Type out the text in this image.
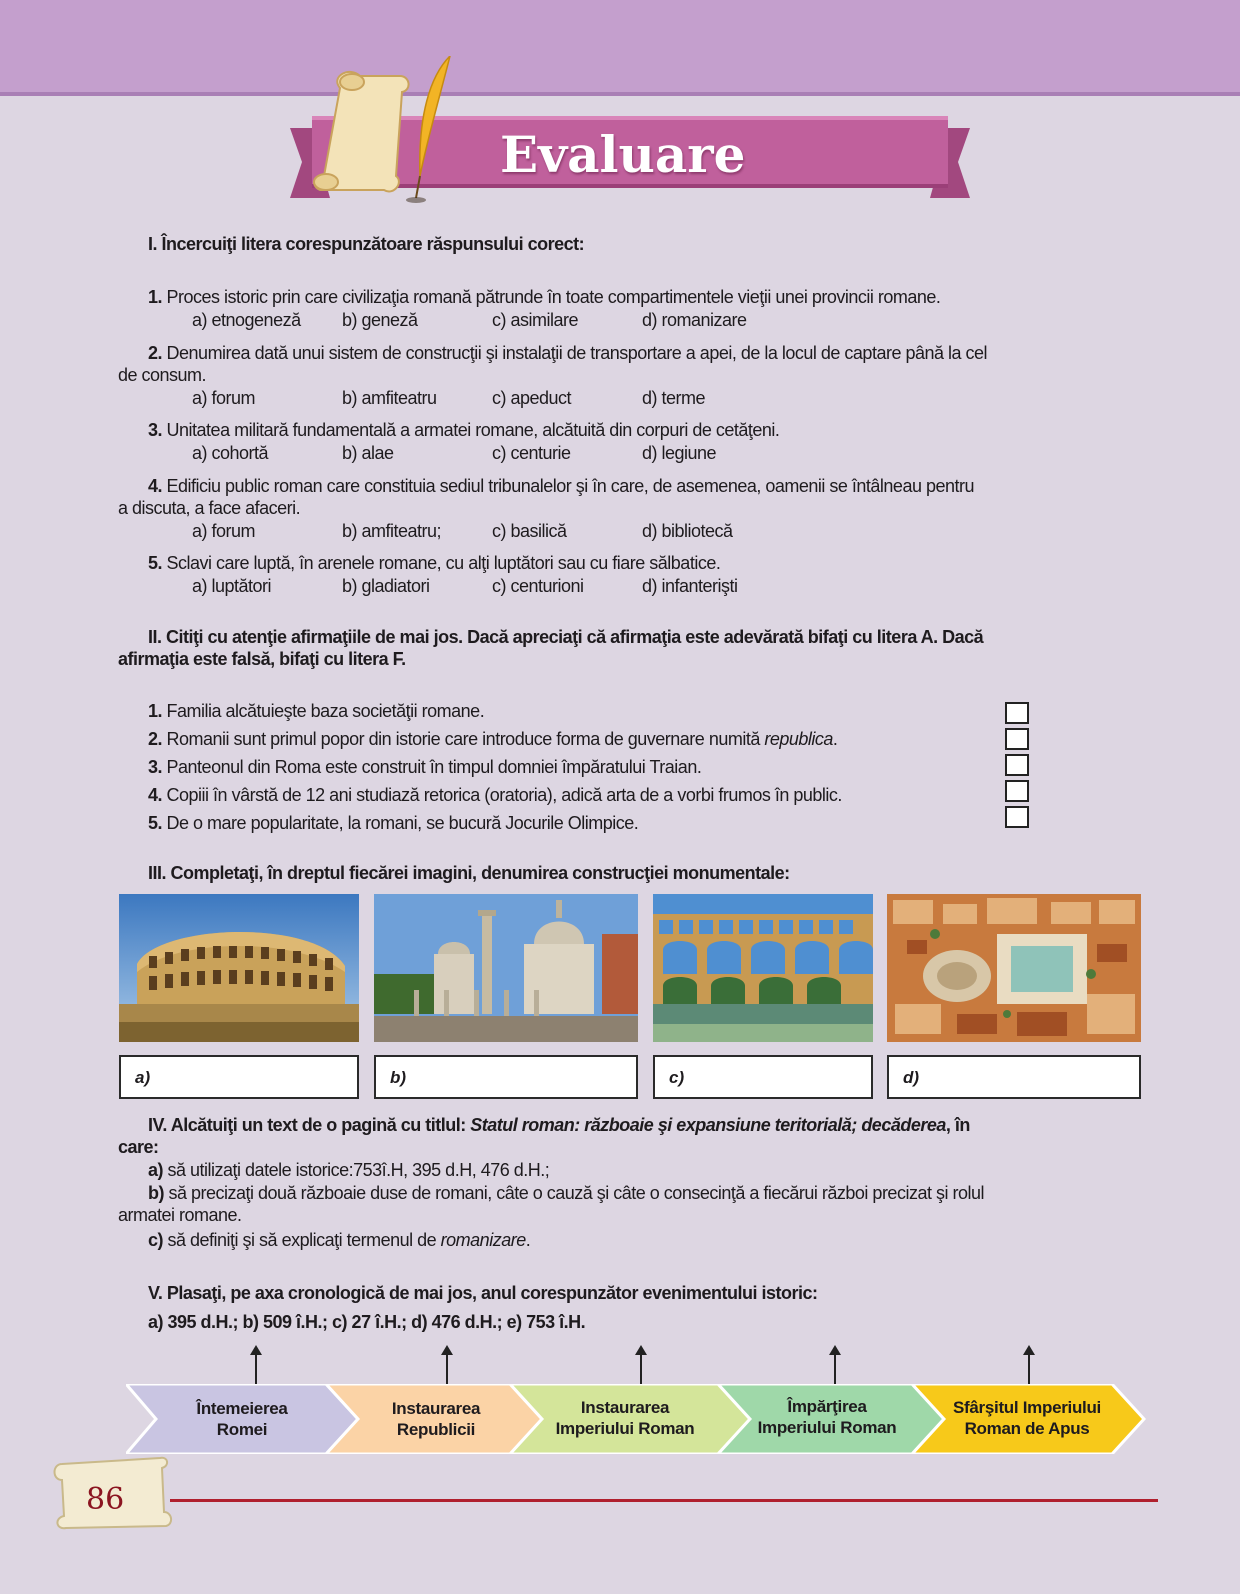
Evaluare
I. Încercuiţi litera corespunzătoare răspunsului corect:
1. Proces istoric prin care civilizaţia romană pătrunde în toate compartimentele vieţii unei provincii romane.
a) etnogeneză b) geneză	c) asimilare	d) romanizare
2. Denumirea dată unui sistem de construcţii şi instalaţii de transportare a apei, de la locul de captare până la cel
de consum.
a) forum	b) amfiteatru	c) apeduct	d) terme
3. Unitatea militară fundamentală a armatei romane, alcătuită din corpuri de cetăţeni.
a) cohortă	b) alae	c) centurie	d) legiune
4. Edificiu public roman care constituia sediul tribunalelor şi în care, de asemenea, oamenii se întâlneau pentru
a discuta, a face afaceri.
a) forum	b) amfiteatru;	c) basilică	d) bibliotecă
5. Sclavi care luptă, în arenele romane, cu alţi luptători sau cu fiare sălbatice.
a) luptători	b) gladiatori	c) centurioni	d) infanterişti
II. Citiţi cu atenţie afirmaţiile de mai jos. Dacă apreciaţi că afirmaţia este adevărată bifaţi cu litera A. Dacă
afirmaţia este falsă, bifaţi cu litera F.
1. Familia alcătuieşte baza societăţii romane.
2. Romanii sunt primul popor din istorie care introduce forma de guvernare numită republica.
3. Panteonul din Roma este construit în timpul domniei împăratului Traian.
4. Copiii în vârstă de 12 ani studiază retorica (oratoria), adică arta de a vorbi frumos în public.
5. De o mare popularitate, la romani, se bucură Jocurile Olimpice.
III. Completaţi, în dreptul fiecărei imagini, denumirea construcţiei monumentale:
a)	b)	c)	d)
IV. Alcătuiţi un text de o pagină cu titlul: Statul roman: războaie şi expansiune teritorială; decăderea, în
care:
a) să utilizaţi datele istorice:753î.H, 395 d.H, 476 d.H.;
b) să precizaţi două războaie duse de romani, câte o cauză şi câte o consecinţă a fiecărui război precizat şi rolul
armatei romane.
c) să definiţi şi să explicaţi termenul de romanizare.
V. Plasaţi, pe axa cronologică de mai jos, anul corespunzător evenimentului istoric:
a) 395 d.H.; b) 509 î.H.; c) 27 î.H.; d) 476 d.H.; e) 753 î.H.
Întemeierea
Romei
Instaurarea
Republicii
Instaurarea
Imperiului Roman
Împărţirea
Imperiului Roman
Sfârşitul Imperiului
Roman de Apus
86
